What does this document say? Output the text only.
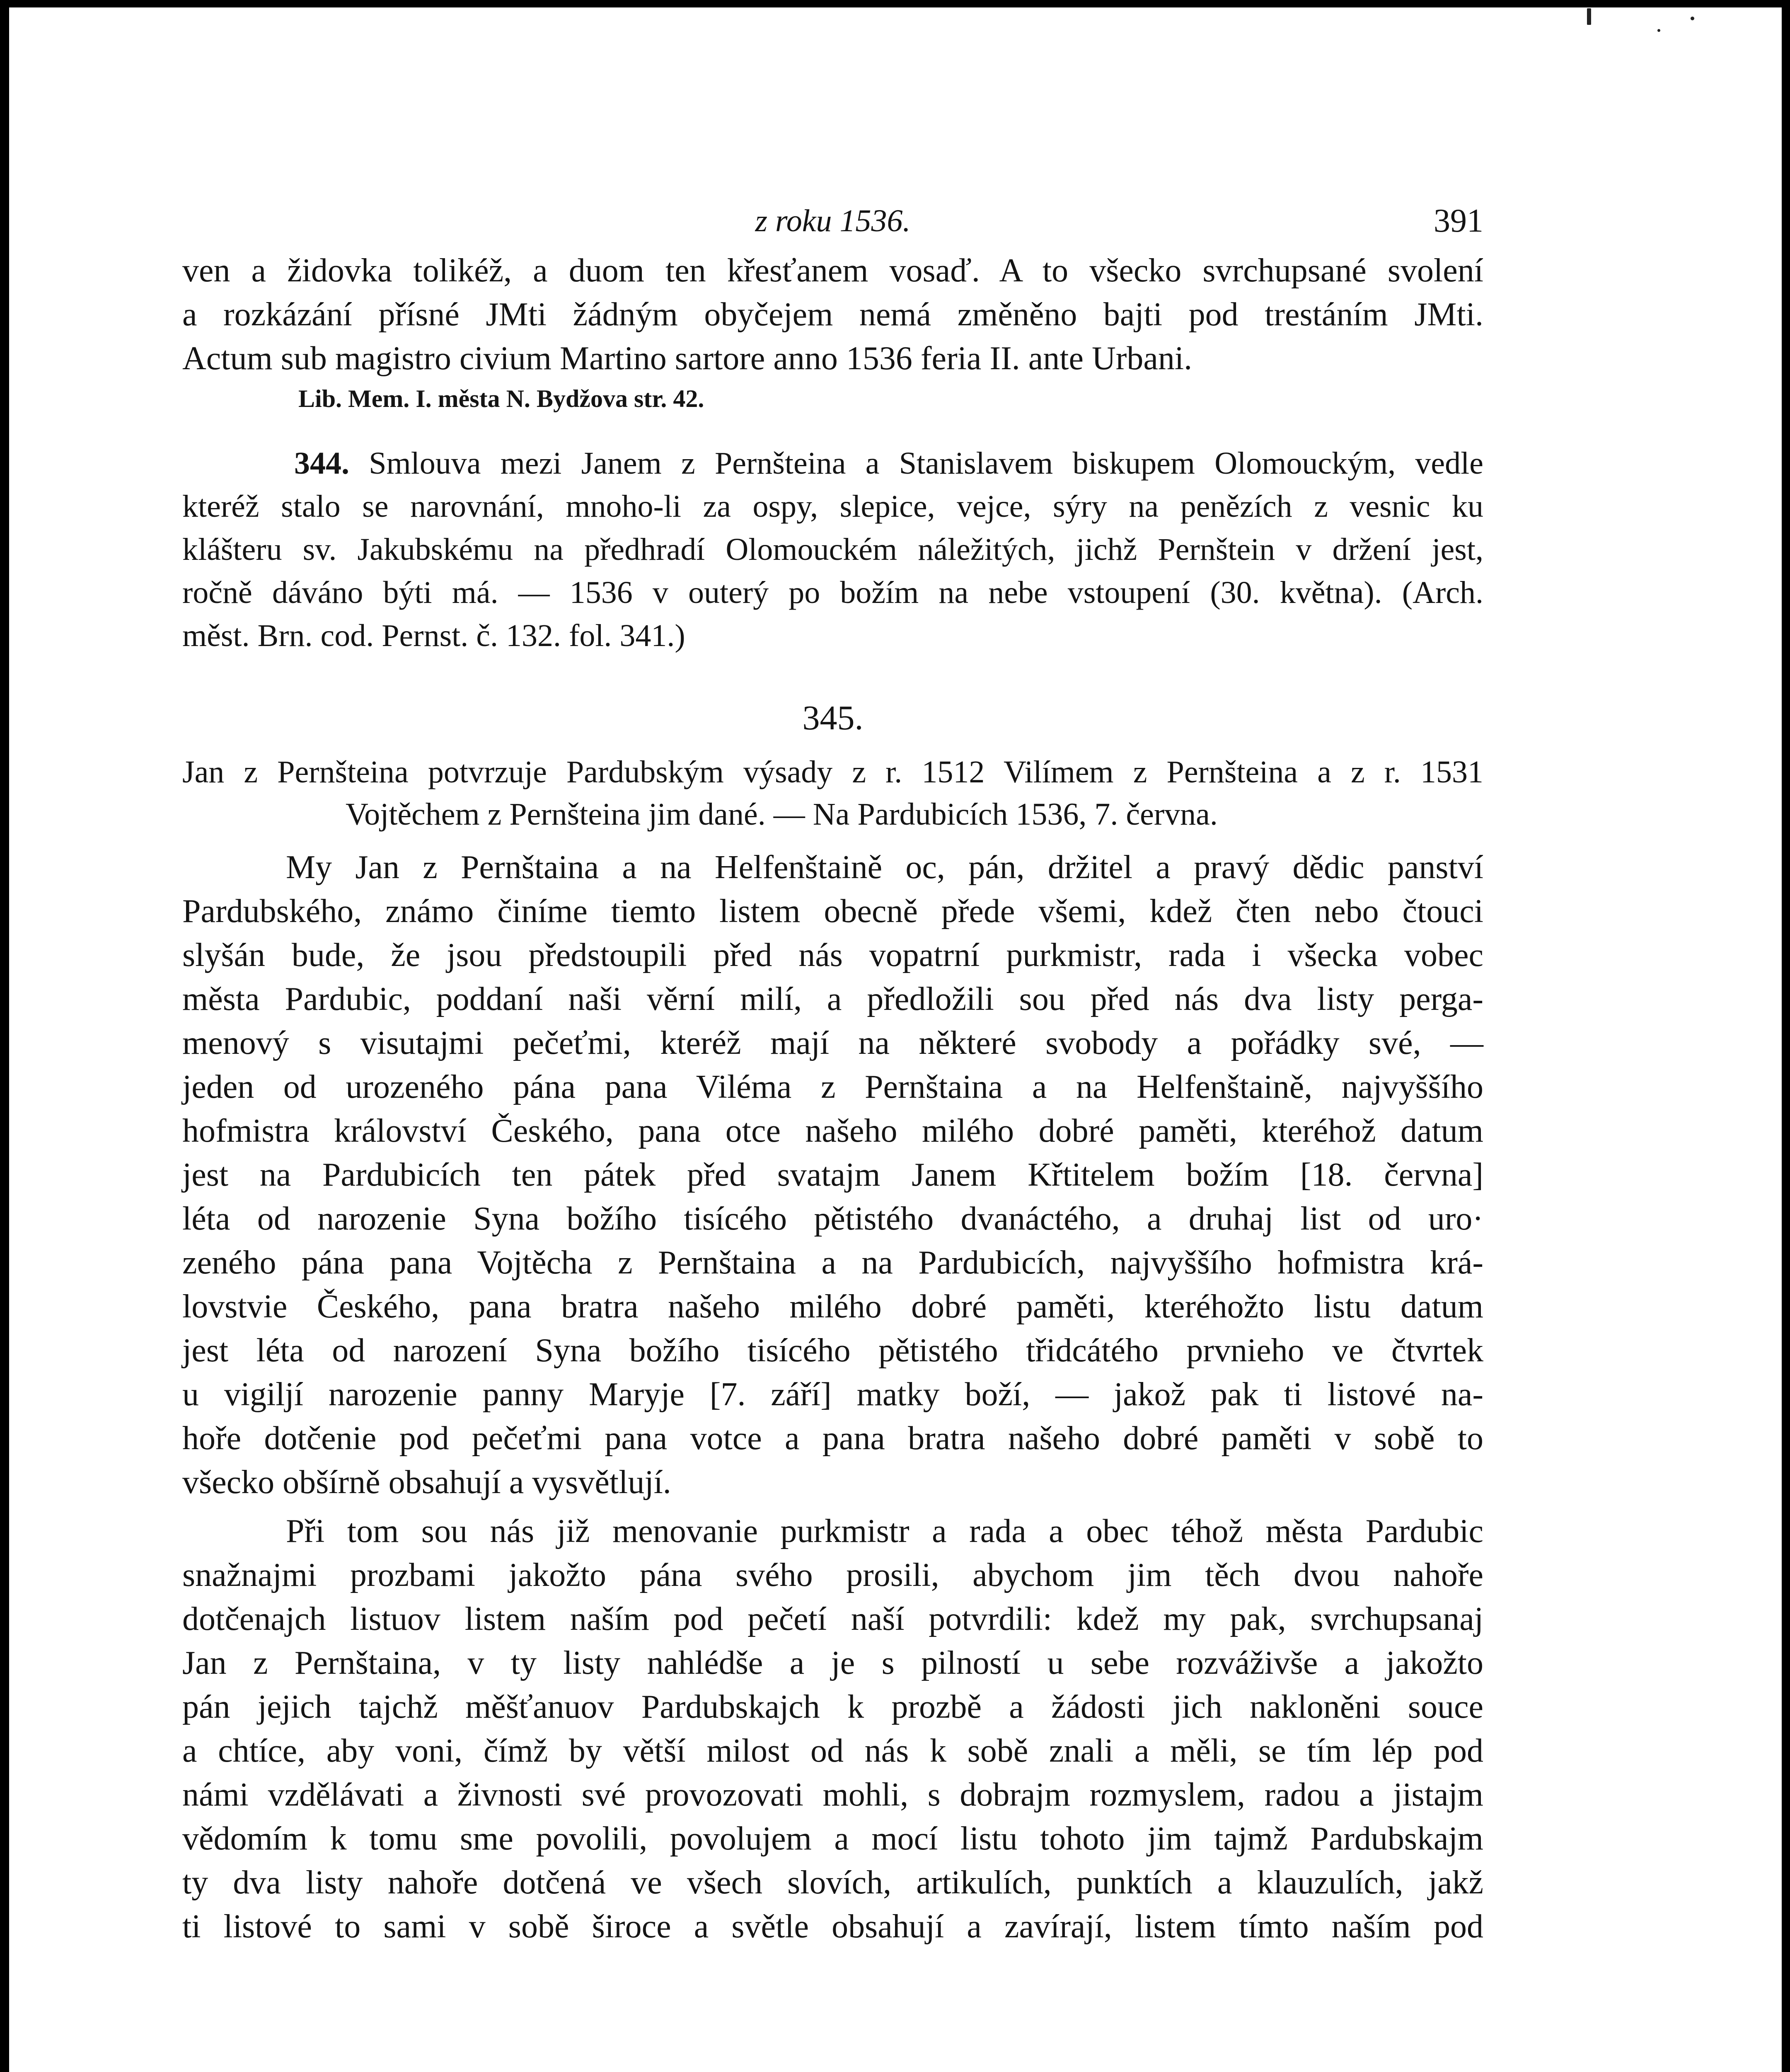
z roku 1536.	391
ven a židovka tolikéž, a duom ten křesťanem vosaď. A to všecko svrchupsané svolení
a rozkázání přísné JMti žádným obyčejem nemá změněno bajti pod trestáním JMti.
Actum sub magistro civium Martino sartore anno 1536 feria II. ante Urbani.
Lib. Mem. I. města N. Bydžova str. 42.
344. Smlouva mezi Janem z Pernšteina a Stanislavem biskupem Olomouckým, vedle
kteréž stalo se narovnání, mnoho-li za ospy, slepice, vejce, sýry na penězích z vesnic ku
klášteru sv. Jakubskému na předhradí Olomouckém náležitých, jichž Pernštein v držení jest,
ročně dáváno býti má. — 1536 v outerý po božím na nebe vstoupení (30. května). (Arch.
měst. Brn. cod. Pernst. č. 132. fol. 341.)
345.
Jan z Pernšteina potvrzuje Pardubským výsady z r. 1512 Vilímem z Pernšteina a z r. 1531
Vojtěchem z Pernšteina jim dané. — Na Pardubicích 1536, 7. června.
My Jan z Pernštaina a na Helfenštaině oc, pán, držitel a pravý dědic panství
Pardubského, známo činíme tiemto listem obecně přede všemi, kdež čten nebo čtouci
slyšán bude, že jsou předstoupili před nás vopatrní purkmistr, rada i všecka vobec
města Pardubic, poddaní naši věrní milí, a předložili sou před nás dva listy perga-
menový s visutajmi pečeťmi, kteréž mají na některé svobody a pořádky své, —
jeden od urozeného pána pana Viléma z Pernštaina a na Helfenštaině, najvyššího
hofmistra království Českého, pana otce našeho milého dobré paměti, kteréhož datum
jest na Pardubicích ten pátek před svatajm Janem Křtitelem božím [18. června]
léta od narozenie Syna božího tisícého pětistého dvanáctého, a druhaj list od uro·
zeného pána pana Vojtěcha z Pernštaina a na Pardubicích, najvyššího hofmistra krá-
lovstvie Českého, pana bratra našeho milého dobré paměti, kteréhožto listu datum
jest léta od narození Syna božího tisícého pětistého třidcátého prvnieho ve čtvrtek
u vigiljí narozenie panny Maryje [7. září] matky boží, — jakož pak ti listové na-
hoře dotčenie pod pečeťmi pana votce a pana bratra našeho dobré paměti v sobě to
všecko obšírně obsahují a vysvětlují.
Při tom sou nás již menovanie purkmistr a rada a obec téhož města Pardubic
snažnajmi prozbami jakožto pána svého prosili, abychom jim těch dvou nahoře
dotčenajch listuov listem naším pod pečetí naší potvrdili: kdež my pak, svrchupsanaj
Jan z Pernštaina, v ty listy nahlédše a je s pilností u sebe rozváživše a jakožto
pán jejich tajchž měšťanuov Pardubskajch k prozbě a žádosti jich nakloněni souce
a chtíce, aby voni, čímž by větší milost od nás k sobě znali a měli, se tím lép pod
námi vzdělávati a živnosti své provozovati mohli, s dobrajm rozmyslem, radou a jistajm
vědomím k tomu sme povolili, povolujem a mocí listu tohoto jim tajmž Pardubskajm
ty dva listy nahoře dotčená ve všech slovích, artikulích, punktích a klauzulích, jakž
ti listové to sami v sobě široce a světle obsahují a zavírají, listem tímto naším pod
